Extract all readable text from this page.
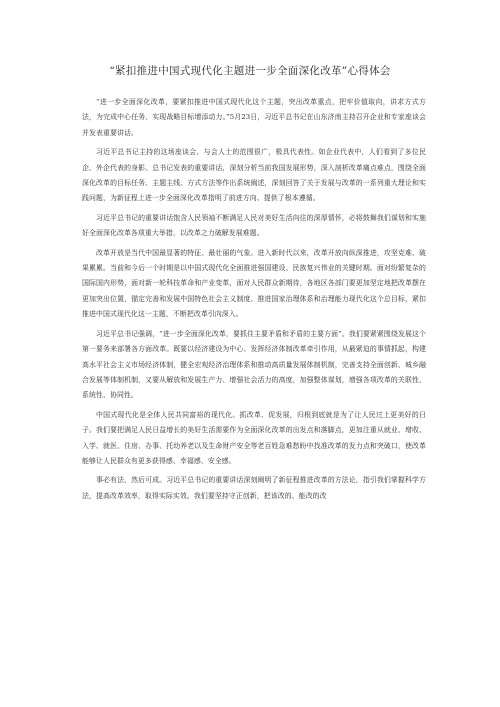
“紧扣推进中国式现代化主题进一步全面深化改革”心得体会

“进一步全面深化改革，要紧扣推进中国式现代化这个主题，突出改革重点，把牢价值取向，讲求方式方法，为完成中心任务、实现战略目标增添动力。”5月23日，习近平总书记在山东济南主持召开企业和专家座谈会并发表重要讲话。

习近平总书记主持的这场座谈会，与会人士的范围很广，极具代表性。如企业代表中，人们看到了多位民企、外企代表的身影。总书记发表的重要讲话，深刻分析当前我国发展形势，深入剖析改革痛点难点，围绕全面深化改革的目标任务、主题主线、方式方法等作出系统阐述，深刻回答了关于发展与改革的一系列重大理论和实践问题，为新征程上进一步全面深化改革指明了前进方向、提供了根本遵循。

习近平总书记的重要讲话饱含人民领袖不断满足人民对美好生活向往的深厚情怀，必将鼓舞我们谋划和实施好全面深化改革各项重大举措，以改革之力破解发展难题。

改革开放是当代中国最显著的特征、最壮丽的气象。进入新时代以来，改革开放向纵深推进，攻坚克难、破果累累。当前和今后一个时期是以中国式现代化全面推进强国建设、民族复兴伟业的关键时期。面对纷繁复杂的国际国内形势，面对新一轮科技革命和产业变革，面对人民群众新期待，各地区各部门要更加坚定地把改革摆在更加突出位置，锚定完善和发展中国特色社会主义制度、推进国家治理体系和治理能力现代化这个总目标，紧扣推进中国式现代化这一主题，不断把改革引向深入。

习近平总书记强调，“进一步全面深化改革，要抓住主要矛盾和矛盾的主要方面”。我们要紧紧围绕发展这个第一要务来部署各方面改革。既要以经济建设为中心、发挥经济体制改革牵引作用，从最紧迫的事情抓起，构建高水平社会主义市场经济体制，健全宏观经济治理体系和推动高质量发展体制机制，完善支持全面创新、城乡融合发展等体制机制，又要从解放和发展生产力、增强社会活力的高度，加强整体谋划，增强各项改革的关联性、系统性、协同性。

中国式现代化是全体人民共同富裕的现代化。抓改革、促发展，归根到底就是为了让人民过上更美好的日子。我们要把满足人民日益增长的美好生活需要作为全面深化改革的出发点和落脚点，更加注重从就业、增收、入学、就医、住房、办事、托幼养老以及生命财产安全等老百姓急难愁盼中找准改革的发力点和突破口，使改革能够让人民群众有更多获得感、幸福感、安全感。

事必有法，然后可成。习近平总书记的重要讲话深刻阐明了新征程推进改革的方法论，指引我们掌握科学方法，提高改革效率，取得实际实效。我们要坚持守正创新，把该改的、能改的改
